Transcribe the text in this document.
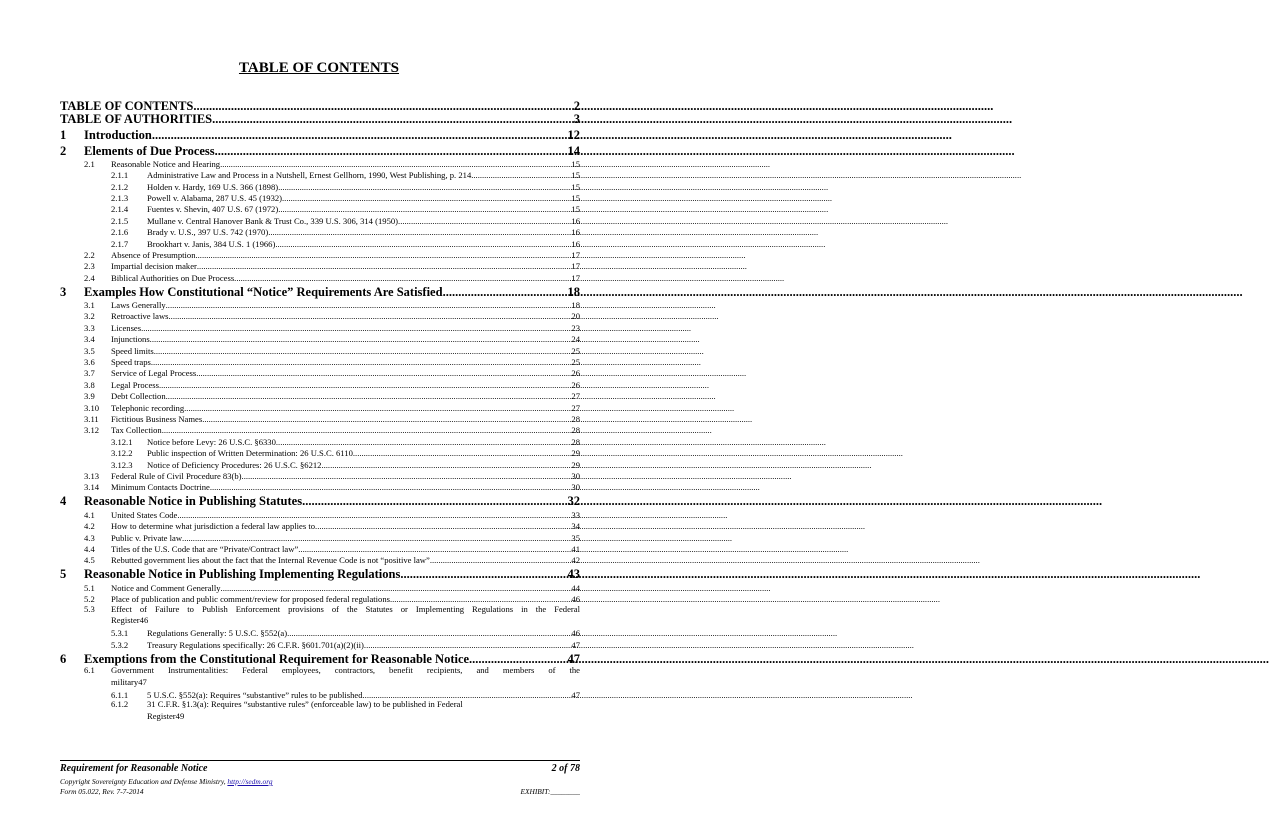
TABLE OF CONTENTS
TABLE OF CONTENTS .....	2
TABLE OF AUTHORITIES .....	3
1	Introduction .....	12
2	Elements of Due Process .....	14
2.1	Reasonable Notice and Hearing .....	15
2.1.1	Administrative Law and Process in a Nutshell, Ernest Gellhorn, 1990, West Publishing, p. 214 .....	15
2.1.2	Holden v. Hardy, 169 U.S. 366 (1898) .....	15
2.1.3	Powell v. Alabama, 287 U.S. 45 (1932) .....	15
2.1.4	Fuentes v. Shevin, 407 U.S. 67 (1972) .....	15
2.1.5	Mullane v. Central Hanover Bank & Trust Co., 339 U.S. 306, 314 (1950) .....	16
2.1.6	Brady v. U.S., 397 U.S. 742 (1970) .....	16
2.1.7	Brookhart v. Janis, 384 U.S. 1 (1966) .....	16
2.2	Absence of Presumption .....	17
2.3	Impartial decision maker .....	17
2.4	Biblical Authorities on Due Process .....	17
3	Examples How Constitutional “Notice” Requirements Are Satisfied .....	18
3.1	Laws Generally .....	18
3.2	Retroactive laws .....	20
3.3	Licenses .....	23
3.4	Injunctions .....	24
3.5	Speed limits .....	25
3.6	Speed traps .....	25
3.7	Service of Legal Process .....	26
3.8	Legal Process .....	26
3.9	Debt Collection .....	27
3.10	Telephonic recording .....	27
3.11	Fictitious Business Names .....	28
3.12	Tax Collection .....	28
3.12.1	Notice before Levy: 26 U.S.C. §6330 .....	28
3.12.2	Public inspection of Written Determination: 26 U.S.C. 6110 .....	29
3.12.3	Notice of Deficiency Procedures: 26 U.S.C. §6212 .....	29
3.13	Federal Rule of Civil Procedure 83(b) .....	30
3.14	Minimum Contacts Doctrine .....	30
4	Reasonable Notice in Publishing Statutes .....	32
4.1	United States Code .....	33
4.2	How to determine what jurisdiction a federal law applies to .....	34
4.3	Public v. Private law .....	35
4.4	Titles of the U.S. Code that are “Private/Contract law” .....	41
4.5	Rebutted government lies about the fact that the Internal Revenue Code is not “positive law” .....	42
5	Reasonable Notice in Publishing Implementing Regulations .....	43
5.1	Notice and Comment Generally .....	44
5.2	Place of publication and public comment/review for proposed federal regulations .....	46
5.3 Effect of Failure to Publish Enforcement provisions of the Statutes or Implementing Regulations in the Federal
Register 46
5.3.1	Regulations Generally: 5 U.S.C. §552(a) .....	46
5.3.2	Treasury Regulations specifically: 26 C.F.R. §601.701(a)(2)(ii) .....	47
6	Exemptions from the Constitutional Requirement for Reasonable Notice .....	47
6.1 Government Instrumentalities: Federal employees, contractors, benefit recipients, and members of the
military 47
6.1.1	5 U.S.C. §552(a): Requires “substantive” rules to be published .....	47
6.1.2 31 C.F.R. §1.3(a): Requires “substantive rules” (enforceable law) to be published in Federal
Register 49
Requirement for Reasonable Notice	2 of 78
Copyright Sovereignty Education and Defense Ministry, http://sedm.org
Form 05.022, Rev. 7-7-2014	EXHIBIT:________
